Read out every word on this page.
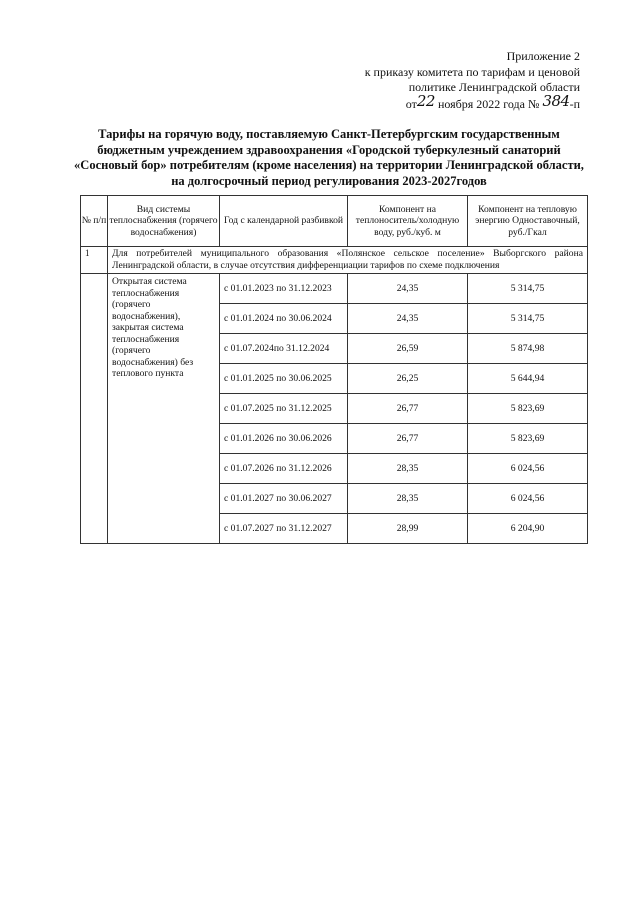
Приложение 2
к приказу комитета по тарифам и ценовой
политике Ленинградской области
от22 ноября 2022 года № 384-п
Тарифы на горячую воду, поставляемую Санкт-Петербургским государственным бюджетным учреждением здравоохранения «Городской туберкулезный санаторий «Сосновый бор» потребителям (кроме населения) на территории Ленинградской области, на долгосрочный период регулирования 2023-2027годов
№ п/п	Вид системы теплоснабжения (горячего водоснабжения)	Год с календарной разбивкой	Компонент на теплоноситель/холодную воду, руб./куб. м	Компонент на тепловую энергию Одноставочный, руб./Гкал
1	Для потребителей муниципального образования «Полянское сельское поселение» Выборгского района Ленинградской области, в случае отсутствия дифференциации тарифов по схеме подключения			
	Открытая система теплоснабжения (горячего водоснабжения), закрытая система теплоснабжения (горячего водоснабжения) без теплового пункта	с 01.01.2023 по 31.12.2023	24,35	5 314,75
		с 01.01.2024 по 30.06.2024	24,35	5 314,75
		с 01.07.2024по 31.12.2024	26,59	5 874,98
		с 01.01.2025 по 30.06.2025	26,25	5 644,94
		с 01.07.2025 по 31.12.2025	26,77	5 823,69
		с 01.01.2026 по 30.06.2026	26,77	5 823,69
		с 01.07.2026 по 31.12.2026	28,35	6 024,56
		с 01.01.2027 по 30.06.2027	28,35	6 024,56
		с 01.07.2027 по 31.12.2027	28,99	6 204,90
